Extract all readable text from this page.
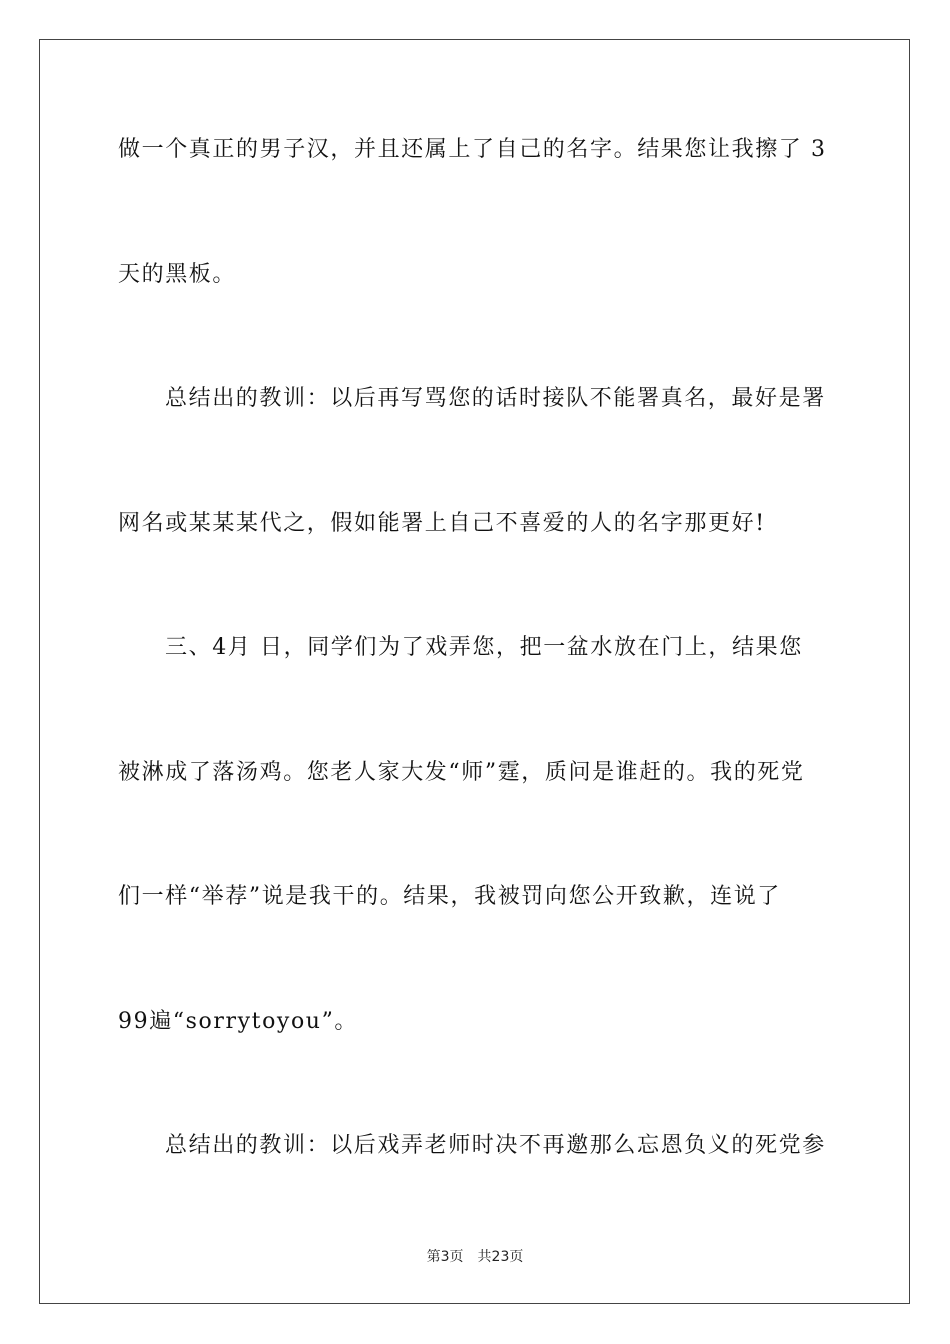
做一个真正的男子汉，并且还属上了自己的名字。结果您让我擦了 3
天的黑板。
总结出的教训：以后再写骂您的话时接队不能署真名，最好是署
网名或某某某代之，假如能署上自己不喜爱的人的名字那更好!
三、4月 日，同学们为了戏弄您，把一盆水放在门上，结果您
被淋成了落汤鸡。您老人家大发“师”霆，质问是谁赶的。我的死党
们一样“举荐”说是我干的。结果，我被罚向您公开致歉，连说了
99遍“sorrytoyou”。
总结出的教训：以后戏弄老师时决不再邀那么忘恩负义的死党参
第3页 共23页
